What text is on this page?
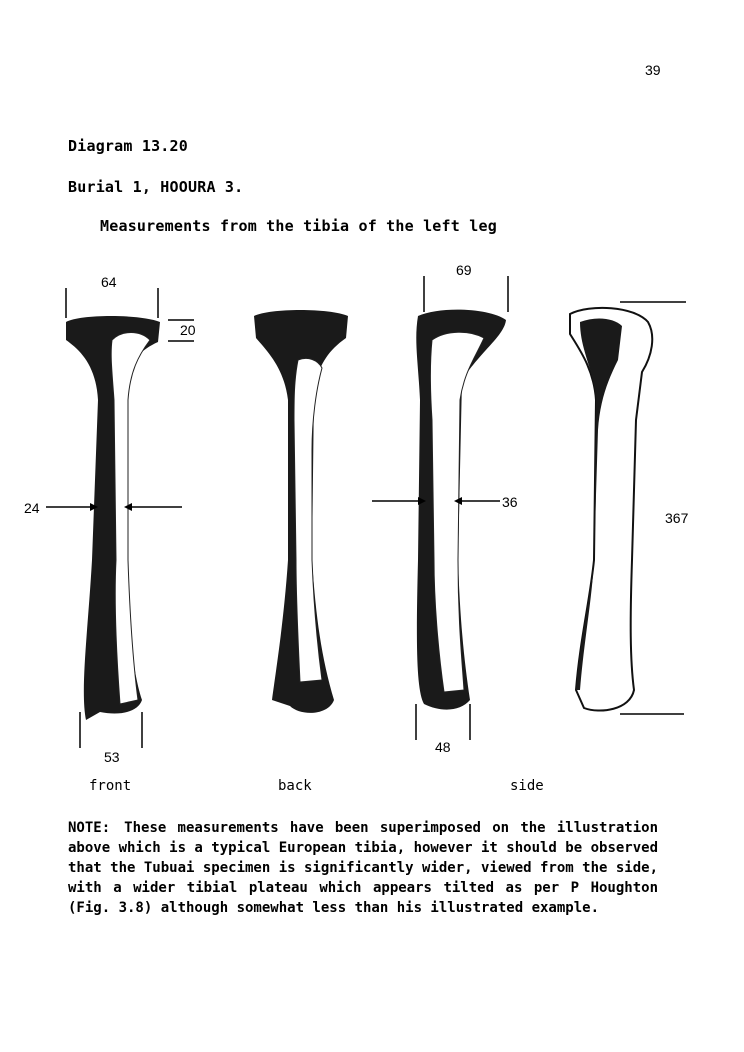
39
Diagram 13.20
Burial 1, HOOURA 3.
Measurements from the tibia of the left leg
64
20
24
53
69
36
48
367
front	back	side
NOTE: These measurements have been superimposed on the illustration above which is a typical European tibia, however it should be observed that the Tubuai specimen is significantly wider, viewed from the side, with a wider tibial plateau which appears tilted as per P Houghton (Fig. 3.8) although somewhat less than his illustrated example.
